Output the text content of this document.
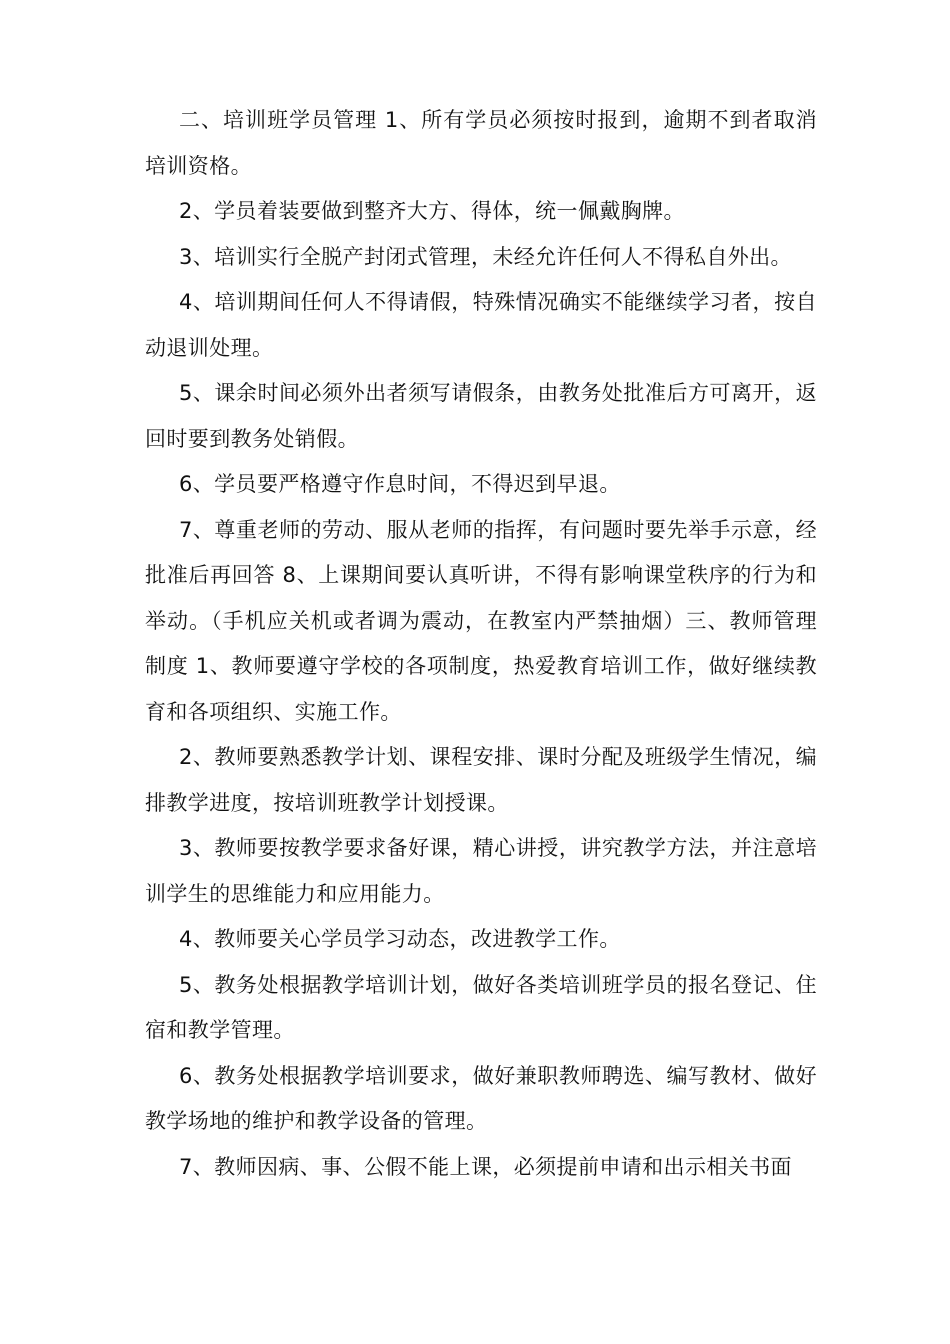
二、培训班学员管理 1、所有学员必须按时报到，逾期不到者取消培训资格。

2、学员着装要做到整齐大方、得体，统一佩戴胸牌。

3、培训实行全脱产封闭式管理，未经允许任何人不得私自外出。

4、培训期间任何人不得请假，特殊情况确实不能继续学习者，按自动退训处理。

5、课余时间必须外出者须写请假条，由教务处批准后方可离开，返回时要到教务处销假。

6、学员要严格遵守作息时间，不得迟到早退。

7、尊重老师的劳动、服从老师的指挥，有问题时要先举手示意，经批准后再回答 8、上课期间要认真听讲，不得有影响课堂秩序的行为和举动。（手机应关机或者调为震动，在教室内严禁抽烟）三、教师管理制度 1、教师要遵守学校的各项制度，热爱教育培训工作，做好继续教育和各项组织、实施工作。

2、教师要熟悉教学计划、课程安排、课时分配及班级学生情况，编排教学进度，按培训班教学计划授课。

3、教师要按教学要求备好课，精心讲授，讲究教学方法，并注意培训学生的思维能力和应用能力。

4、教师要关心学员学习动态，改进教学工作。

5、教务处根据教学培训计划，做好各类培训班学员的报名登记、住宿和教学管理。

6、教务处根据教学培训要求，做好兼职教师聘选、编写教材、做好教学场地的维护和教学设备的管理。

7、教师因病、事、公假不能上课，必须提前申请和出示相关书面
